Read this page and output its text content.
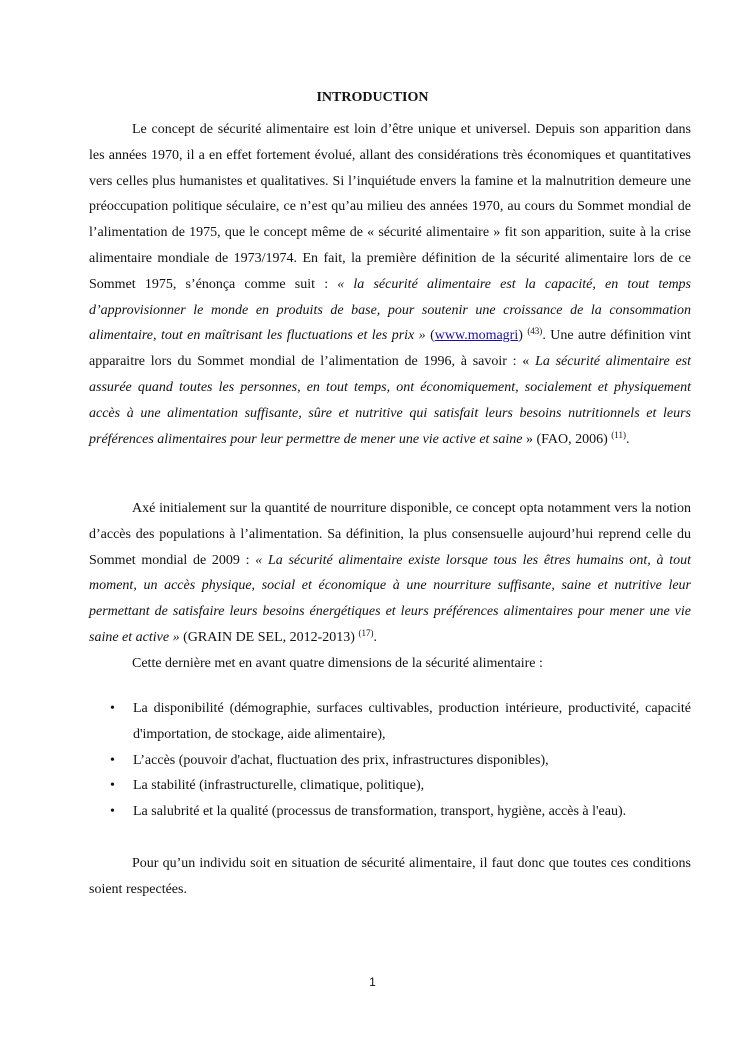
INTRODUCTION

Le concept de sécurité alimentaire est loin d’être unique et universel. Depuis son apparition dans les années 1970, il a en effet fortement évolué, allant des considérations très économiques et quantitatives vers celles plus humanistes et qualitatives. Si l’inquiétude envers la famine et la malnutrition demeure une préoccupation politique séculaire, ce n’est qu’au milieu des années 1970, au cours du Sommet mondial de l’alimentation de 1975, que le concept même de « sécurité alimentaire » fit son apparition, suite à la crise alimentaire mondiale de 1973/1974. En fait, la première définition de la sécurité alimentaire lors de ce Sommet 1975, s’énonça comme suit : « la sécurité alimentaire est la capacité, en tout temps d’approvisionner le monde en produits de base, pour soutenir une croissance de la consommation alimentaire, tout en maîtrisant les fluctuations et les prix » (www.momagri) $^{(43)}$. Une autre définition vint apparaitre lors du Sommet mondial de l’alimentation de 1996, à savoir : « La sécurité alimentaire est assurée quand toutes les personnes, en tout temps, ont économiquement, socialement et physiquement accès à une alimentation suffisante, sûre et nutritive qui satisfait leurs besoins nutritionnels et leurs préférences alimentaires pour leur permettre de mener une vie active et saine » (FAO, 2006) $^{(11)}$.

Axé initialement sur la quantité de nourriture disponible, ce concept opta notamment vers la notion d’accès des populations à l’alimentation. Sa définition, la plus consensuelle aujourd’hui reprend celle du Sommet mondial de 2009 : « La sécurité alimentaire existe lorsque tous les êtres humains ont, à tout moment, un accès physique, social et économique à une nourriture suffisante, saine et nutritive leur permettant de satisfaire leurs besoins énergétiques et leurs préférences alimentaires pour mener une vie saine et active » (GRAIN DE SEL, 2012-2013) $^{(17)}$.

Cette dernière met en avant quatre dimensions de la sécurité alimentaire :

• La disponibilité (démographie, surfaces cultivables, production intérieure, productivité, capacité d'importation, de stockage, aide alimentaire),
• L’accès (pouvoir d'achat, fluctuation des prix, infrastructures disponibles),
• La stabilité (infrastructurelle, climatique, politique),
• La salubrité et la qualité (processus de transformation, transport, hygiène, accès à l'eau).

Pour qu’un individu soit en situation de sécurité alimentaire, il faut donc que toutes ces conditions soient respectées.

1
